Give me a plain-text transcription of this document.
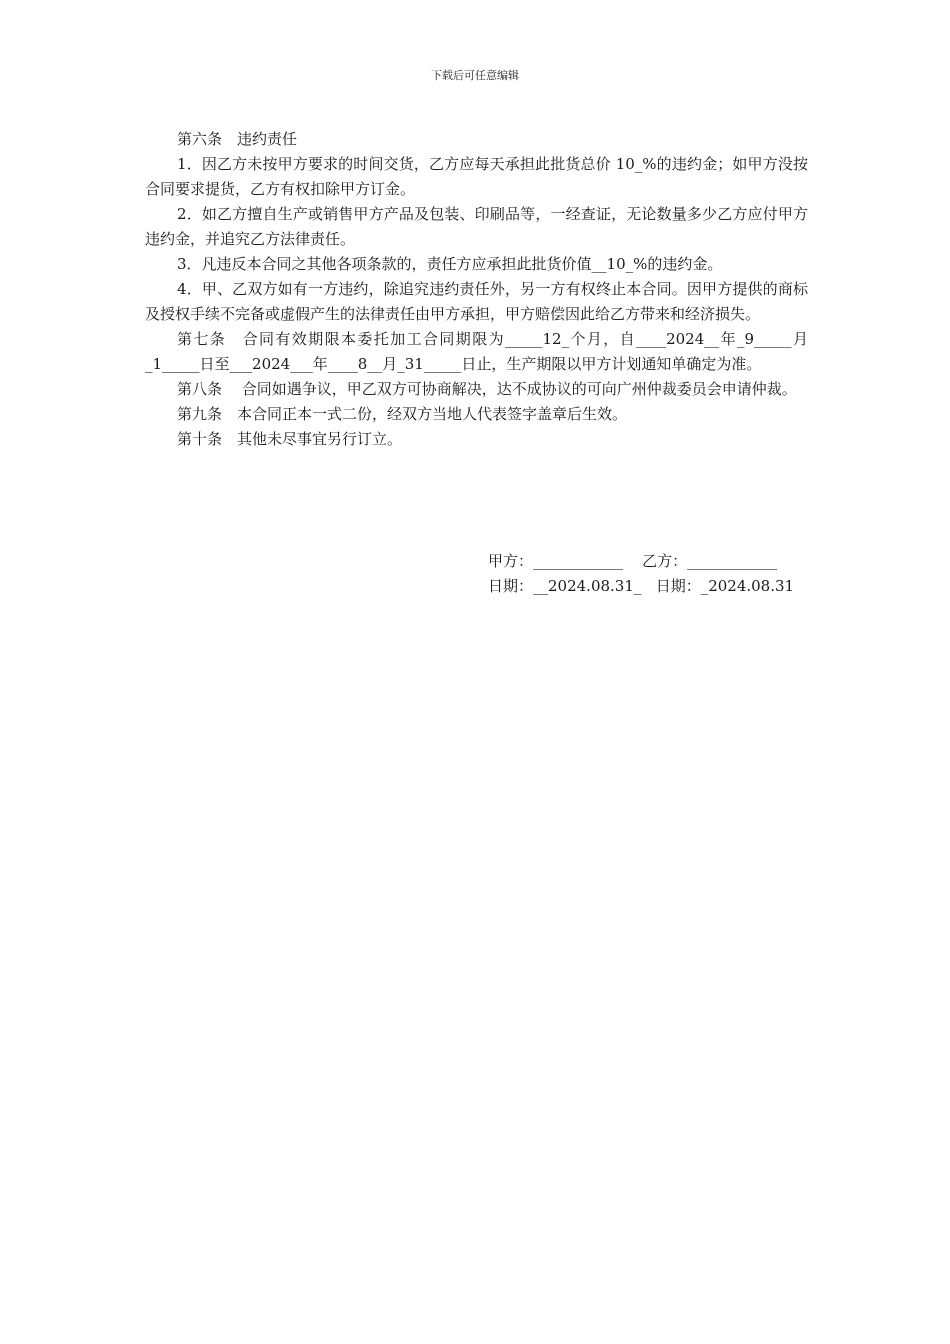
下载后可任意编辑

第六条　违约责任

1．因乙方未按甲方要求的时间交货，乙方应每天承担此批货总价 10_%的违约金；如甲方没按合同要求提货，乙方有权扣除甲方订金。

2．如乙方擅自生产或销售甲方产品及包装、印刷品等，一经查证，无论数量多少乙方应付甲方违约金，并追究乙方法律责任。

3．凡违反本合同之其他各项条款的，责任方应承担此批货价值__10_%的违约金。

4．甲、乙双方如有一方违约，除追究违约责任外，另一方有权终止本合同。因甲方提供的商标及授权手续不完备或虚假产生的法律责任由甲方承担，甲方赔偿因此给乙方带来和经济损失。

第七条　合同有效期限本委托加工合同期限为_____12_个月，自____2024__年_9_____月_1_____日至___2024___年____8__月_31_____日止，生产期限以甲方计划通知单确定为准。

第八条　 合同如遇争议，甲乙双方可协商解决，达不成协议的可向广州仲裁委员会申请仲裁。

第九条　本合同正本一式二份，经双方当地人代表签字盖章后生效。

第十条　其他未尽事宜另行订立。

甲方：____________    乙方：____________
日期：__2024.08.31_   日期：_2024.08.31
